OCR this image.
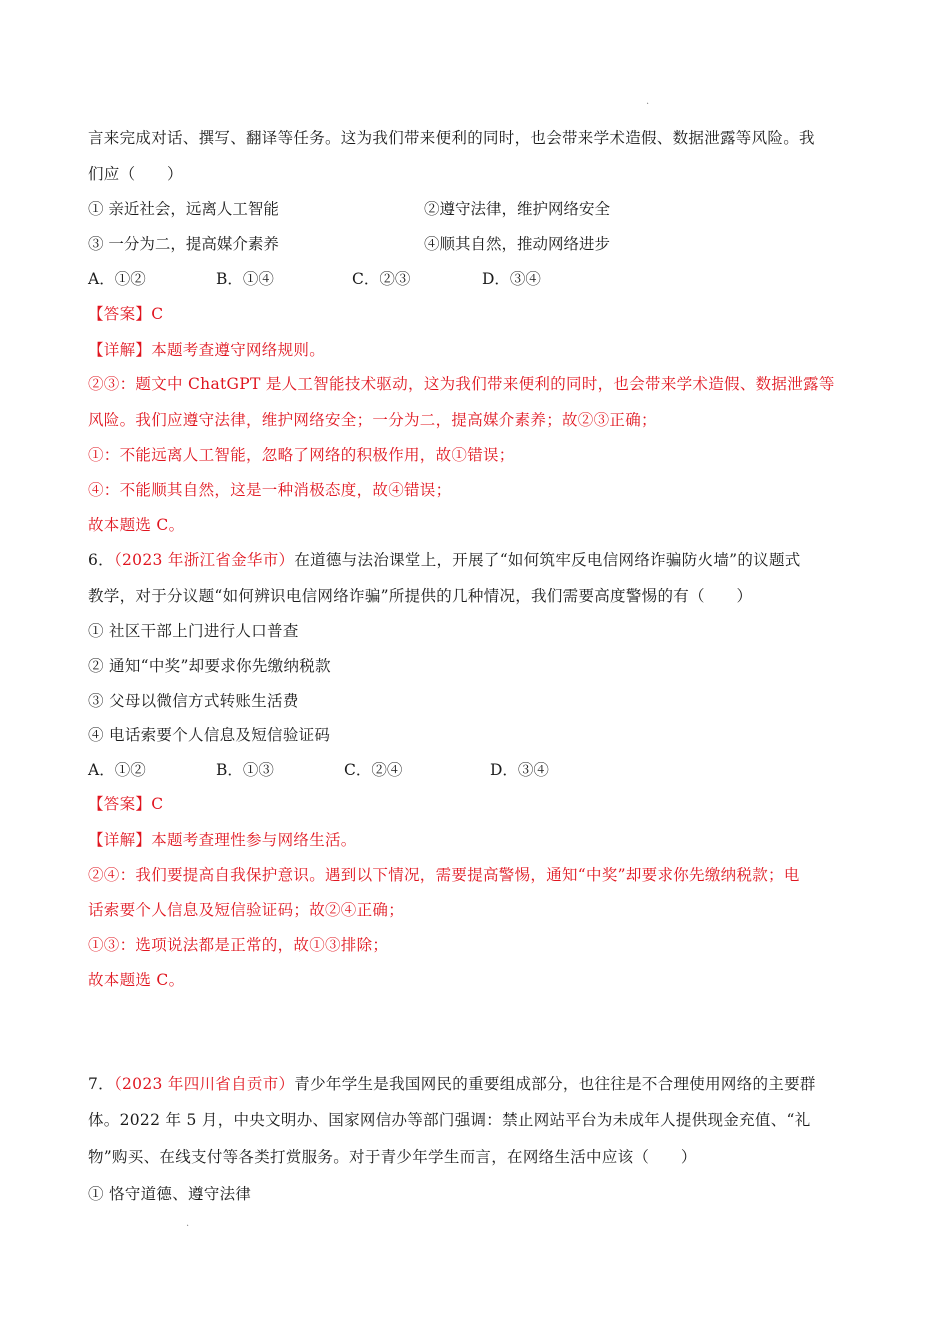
.
言来完成对话、撰写、翻译等任务。这为我们带来便利的同时，也会带来学术造假、数据泄露等风险。我
们应（　　）
① 亲近社会，远离人工智能	②遵守法律，维护网络安全
③ 一分为二，提高媒介素养	④顺其自然，推动网络进步
A．①②	B．①④	C．②③	D．③④
【答案】C
【详解】本题考查遵守网络规则。
②③：题文中 ChatGPT 是人工智能技术驱动，这为我们带来便利的同时，也会带来学术造假、数据泄露等
风险。我们应遵守法律，维护网络安全；一分为二，提高媒介素养；故②③正确；
①：不能远离人工智能，忽略了网络的积极作用，故①错误；
④：不能顺其自然，这是一种消极态度，故④错误；
故本题选 C。
6．（2023 年浙江省金华市）在道德与法治课堂上，开展了“如何筑牢反电信网络诈骗防火墙”的议题式
教学，对于分议题“如何辨识电信网络诈骗”所提供的几种情况，我们需要高度警惕的有（　　）
① 社区干部上门进行人口普查
② 通知“中奖”却要求你先缴纳税款
③ 父母以微信方式转账生活费
④ 电话索要个人信息及短信验证码
A．①②	B．①③	C．②④	D．③④
【答案】C
【详解】本题考查理性参与网络生活。
②④：我们要提高自我保护意识。遇到以下情况，需要提高警惕，通知“中奖”却要求你先缴纳税款；电
话索要个人信息及短信验证码；故②④正确；
①③：选项说法都是正常的，故①③排除；
故本题选 C。
7．（2023 年四川省自贡市）青少年学生是我国网民的重要组成部分，也往往是不合理使用网络的主要群
体。2022 年 5 月，中央文明办、国家网信办等部门强调：禁止网站平台为未成年人提供现金充值、“礼
物”购买、在线支付等各类打赏服务。对于青少年学生而言，在网络生活中应该（　　）
① 恪守道德、遵守法律
.
